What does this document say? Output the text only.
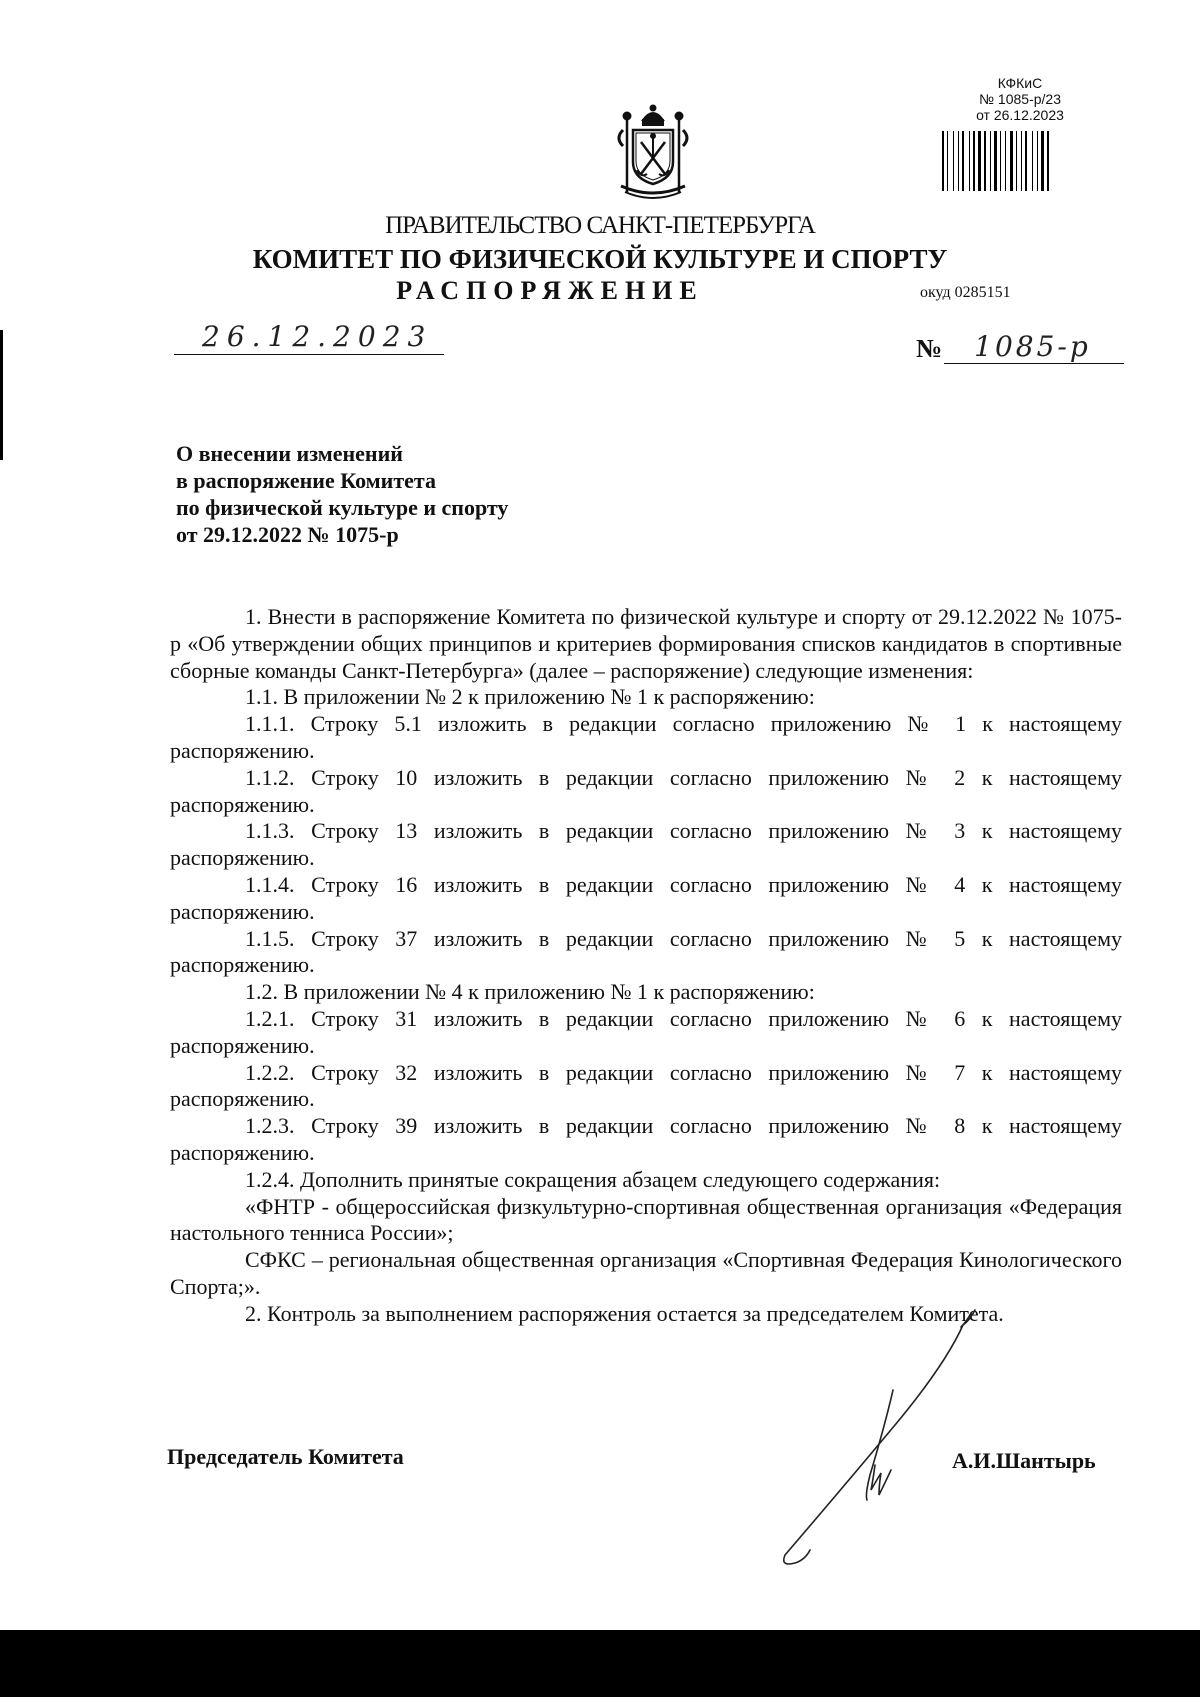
КФКиС
№ 1085-р/23
от 26.12.2023
ПРАВИТЕЛЬСТВО САНКТ-ПЕТЕРБУРГА
КОМИТЕТ ПО ФИЗИЧЕСКОЙ КУЛЬТУРЕ И СПОРТУ
РАСПОРЯЖЕНИЕ	окуд 0285151
26.12.2023	№	1085-р
О внесении изменений
в распоряжение Комитета
по физической культуре и спорту
от 29.12.2022 № 1075-р

1. Внести в распоряжение Комитета по физической культуре и спорту от 29.12.2022 № 1075-р «Об утверждении общих принципов и критериев формирования списков кандидатов в спортивные сборные команды Санкт-Петербурга» (далее – распоряжение) следующие изменения:

1.1. В приложении № 2 к приложению № 1 к распоряжению:

1.1.1. Строку 5.1 изложить в редакции согласно приложению № 1 к настоящему распоряжению.

1.1.2. Строку 10 изложить в редакции согласно приложению № 2 к настоящему распоряжению.

1.1.3. Строку 13 изложить в редакции согласно приложению № 3 к настоящему распоряжению.

1.1.4. Строку 16 изложить в редакции согласно приложению № 4 к настоящему распоряжению.

1.1.5. Строку 37 изложить в редакции согласно приложению № 5 к настоящему распоряжению.

1.2. В приложении № 4 к приложению № 1 к распоряжению:

1.2.1. Строку 31 изложить в редакции согласно приложению № 6 к настоящему распоряжению.

1.2.2. Строку 32 изложить в редакции согласно приложению № 7 к настоящему распоряжению.

1.2.3. Строку 39 изложить в редакции согласно приложению № 8 к настоящему распоряжению.

1.2.4. Дополнить принятые сокращения абзацем следующего содержания:

«ФНТР - общероссийская физкультурно-спортивная общественная организация «Федерация настольного тенниса России»;

СФКС – региональная общественная организация «Спортивная Федерация Кинологического Спорта;».

2. Контроль за выполнением распоряжения остается за председателем Комитета.

Председатель Комитета	А.И.Шантырь
